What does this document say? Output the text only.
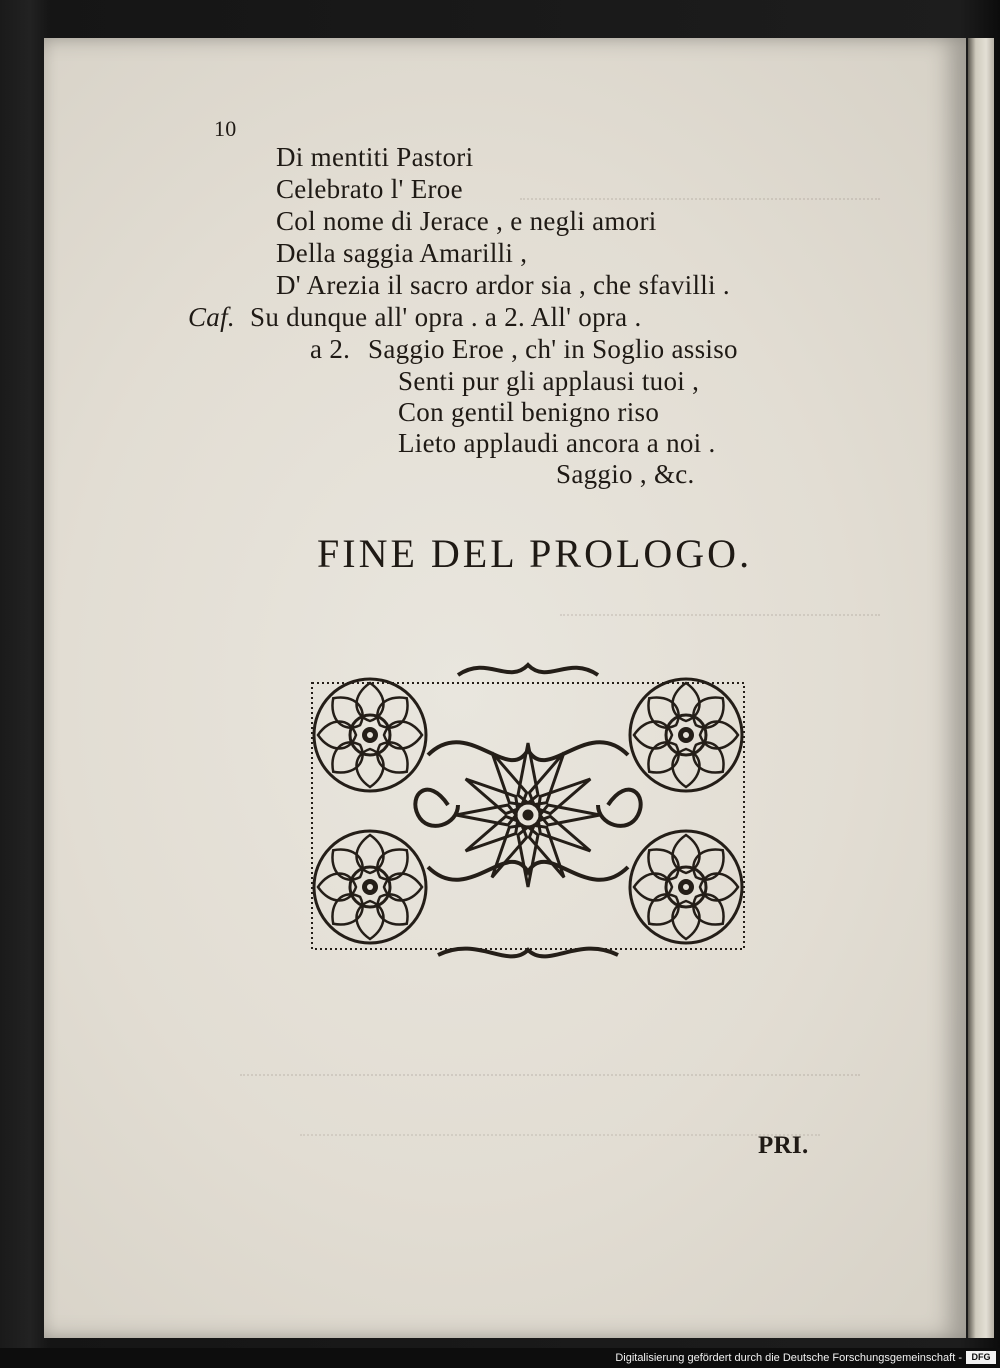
10
Di mentiti Pastori
Celebrato l' Eroe
Col nome di Jerace , e negli amori
Della saggia Amarilli ,
D' Arezia il sacro ardor sia , che sfavilli .
Caf. Su dunque all' opra . a 2. All' opra .
a 2. Saggio Eroe , ch' in Soglio assiso
Senti pur gli applausi tuoi ,
Con gentil benigno riso
Lieto applaudi ancora a noi .
Saggio , &c.
FINE DEL PROLOGO.
PRI.
Digitalisierung gefördert durch die Deutsche Forschungsgemeinschaft -	DFG
